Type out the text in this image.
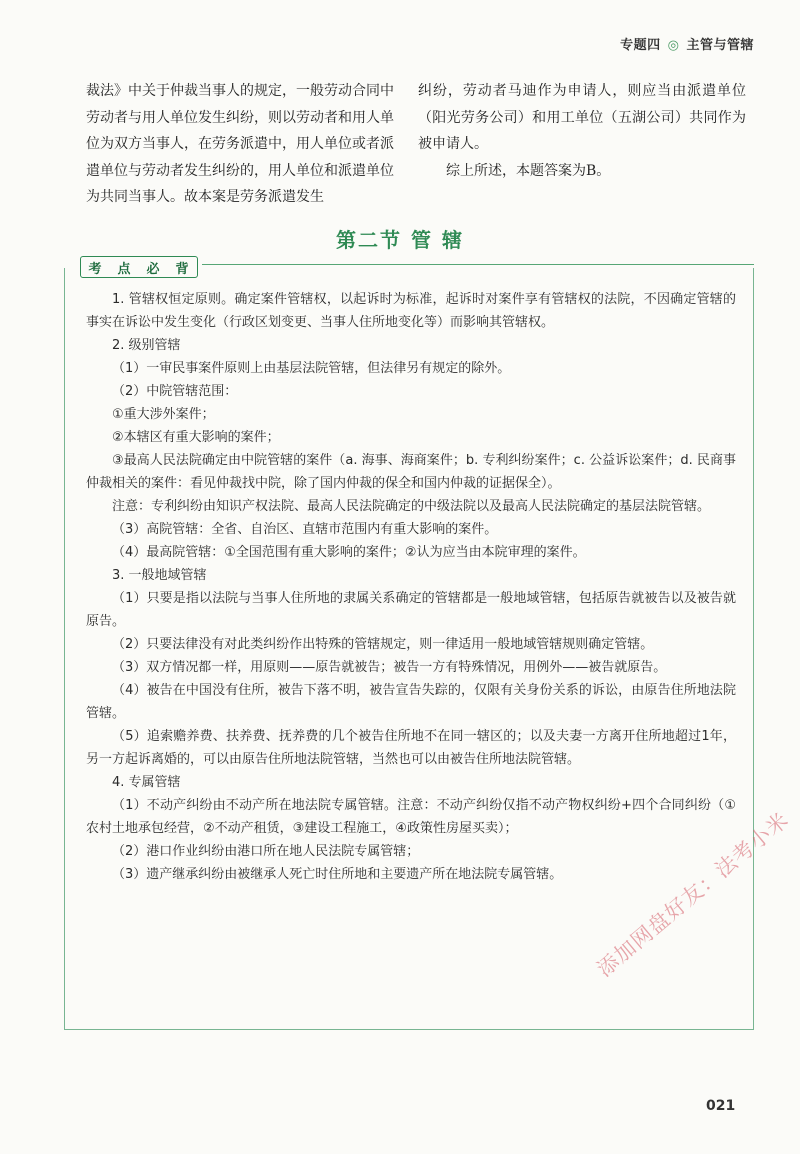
专题四 ◎ 主管与管辖

裁法》中关于仲裁当事人的规定，一般劳动合同中劳动者与用人单位发生纠纷，则以劳动者和用人单位为双方当事人，在劳务派遣中，用人单位或者派遣单位与劳动者发生纠纷的，用人单位和派遣单位为共同当事人。故本案是劳务派遣发生

纠纷，劳动者马迪作为申请人，则应当由派遣单位（阳光劳务公司）和用工单位（五湖公司）共同作为被申请人。

综上所述，本题答案为B。

第二节 管 辖
考 点 必 背

1. 管辖权恒定原则。确定案件管辖权，以起诉时为标准，起诉时对案件享有管辖权的法院，不因确定管辖的事实在诉讼中发生变化（行政区划变更、当事人住所地变化等）而影响其管辖权。

2. 级别管辖

（1）一审民事案件原则上由基层法院管辖，但法律另有规定的除外。

（2）中院管辖范围：

①重大涉外案件；

②本辖区有重大影响的案件；

③最高人民法院确定由中院管辖的案件（a. 海事、海商案件；b. 专利纠纷案件；c. 公益诉讼案件；d. 民商事仲裁相关的案件：看见仲裁找中院，除了国内仲裁的保全和国内仲裁的证据保全）。

注意：专利纠纷由知识产权法院、最高人民法院确定的中级法院以及最高人民法院确定的基层法院管辖。

（3）高院管辖：全省、自治区、直辖市范围内有重大影响的案件。

（4）最高院管辖：①全国范围有重大影响的案件；②认为应当由本院审理的案件。

3. 一般地域管辖

（1）只要是指以法院与当事人住所地的隶属关系确定的管辖都是一般地域管辖，包括原告就被告以及被告就原告。

（2）只要法律没有对此类纠纷作出特殊的管辖规定，则一律适用一般地域管辖规则确定管辖。

（3）双方情况都一样，用原则——原告就被告；被告一方有特殊情况，用例外——被告就原告。

（4）被告在中国没有住所，被告下落不明，被告宣告失踪的，仅限有关身份关系的诉讼，由原告住所地法院管辖。

（5）追索赡养费、扶养费、抚养费的几个被告住所地不在同一辖区的；以及夫妻一方离开住所地超过1年，另一方起诉离婚的，可以由原告住所地法院管辖，当然也可以由被告住所地法院管辖。

4. 专属管辖

（1）不动产纠纷由不动产所在地法院专属管辖。注意：不动产纠纷仅指不动产物权纠纷+四个合同纠纷（①农村土地承包经营，②不动产租赁，③建设工程施工，④政策性房屋买卖）；

（2）港口作业纠纷由港口所在地人民法院专属管辖；

（3）遗产继承纠纷由被继承人死亡时住所地和主要遗产所在地法院专属管辖。	添加网盘好友：法考小米
021
